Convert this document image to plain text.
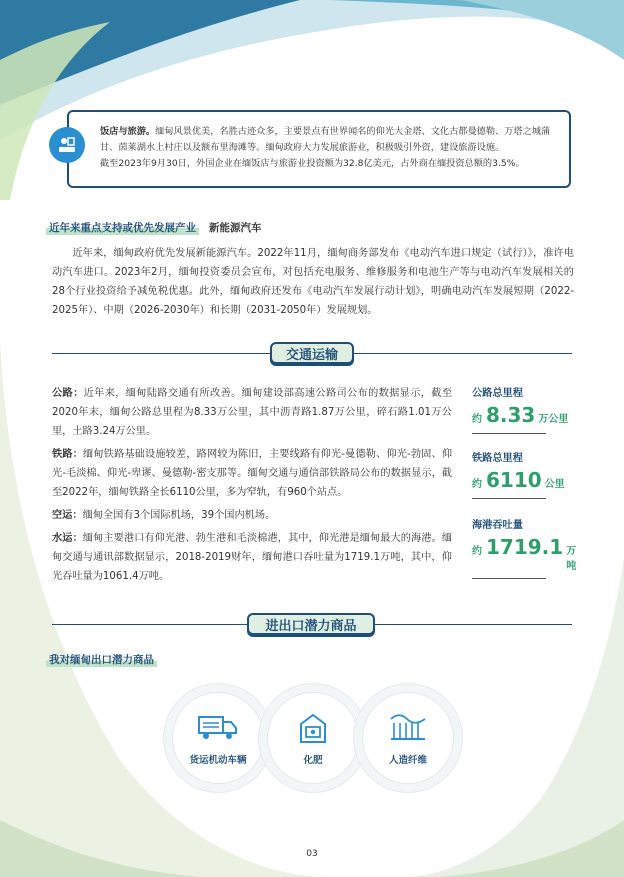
饭店与旅游。缅甸风景优美，名胜古迹众多，主要景点有世界闻名的仰光大金塔、文化古都曼德勒、万塔之城蒲甘、茵莱湖水上村庄以及额布里海滩等。缅甸政府大力发展旅游业，积极吸引外资，建设旅游设施。
截至2023年9月30日，外国企业在缅饭店与旅游业投资额为32.8亿美元，占外商在缅投资总额的3.5%。
近年来重点支持或优先发展产业 新能源汽车
近年来，缅甸政府优先发展新能源汽车。2022年11月，缅甸商务部发布《电动汽车进口规定（试行）》，准许电动汽车进口。2023年2月，缅甸投资委员会宣布，对包括充电服务、维修服务和电池生产等与电动汽车发展相关的28个行业投资给予减免税优惠。此外，缅甸政府还发布《电动汽车发展行动计划》，明确电动汽车发展短期（2022-2025年）、中期（2026-2030年）和长期（2031-2050年）发展规划。
交通运输

公路：近年来，缅甸陆路交通有所改善。缅甸建设部高速公路司公布的数据显示，截至2020年末，缅甸公路总里程为8.33万公里，其中沥青路1.87万公里，碎石路1.01万公里，土路3.24万公里。

铁路：缅甸铁路基础设施较差，路网较为陈旧，主要线路有仰光-曼德勒、仰光-勃固、仰光-毛淡棉、仰光-卑谬、曼德勒-密支那等。缅甸交通与通信部铁路局公布的数据显示，截至2022年，缅甸铁路全长6110公里，多为窄轨，有960个站点。

空运：缅甸全国有3个国际机场，39个国内机场。

水运：缅甸主要港口有仰光港、勃生港和毛淡棉港，其中，仰光港是缅甸最大的海港。缅甸交通与通讯部数据显示，2018-2019财年，缅甸港口吞吐量为1719.1万吨，其中，仰光吞吐量为1061.4万吨。

公路总里程
约 8.33 万公里
铁路总里程
约 6110 公里
海港吞吐量
约 1719.1 万吨
进出口潜力商品
我对缅甸出口潜力商品
货运机动车辆	化肥	人造纤维
03
